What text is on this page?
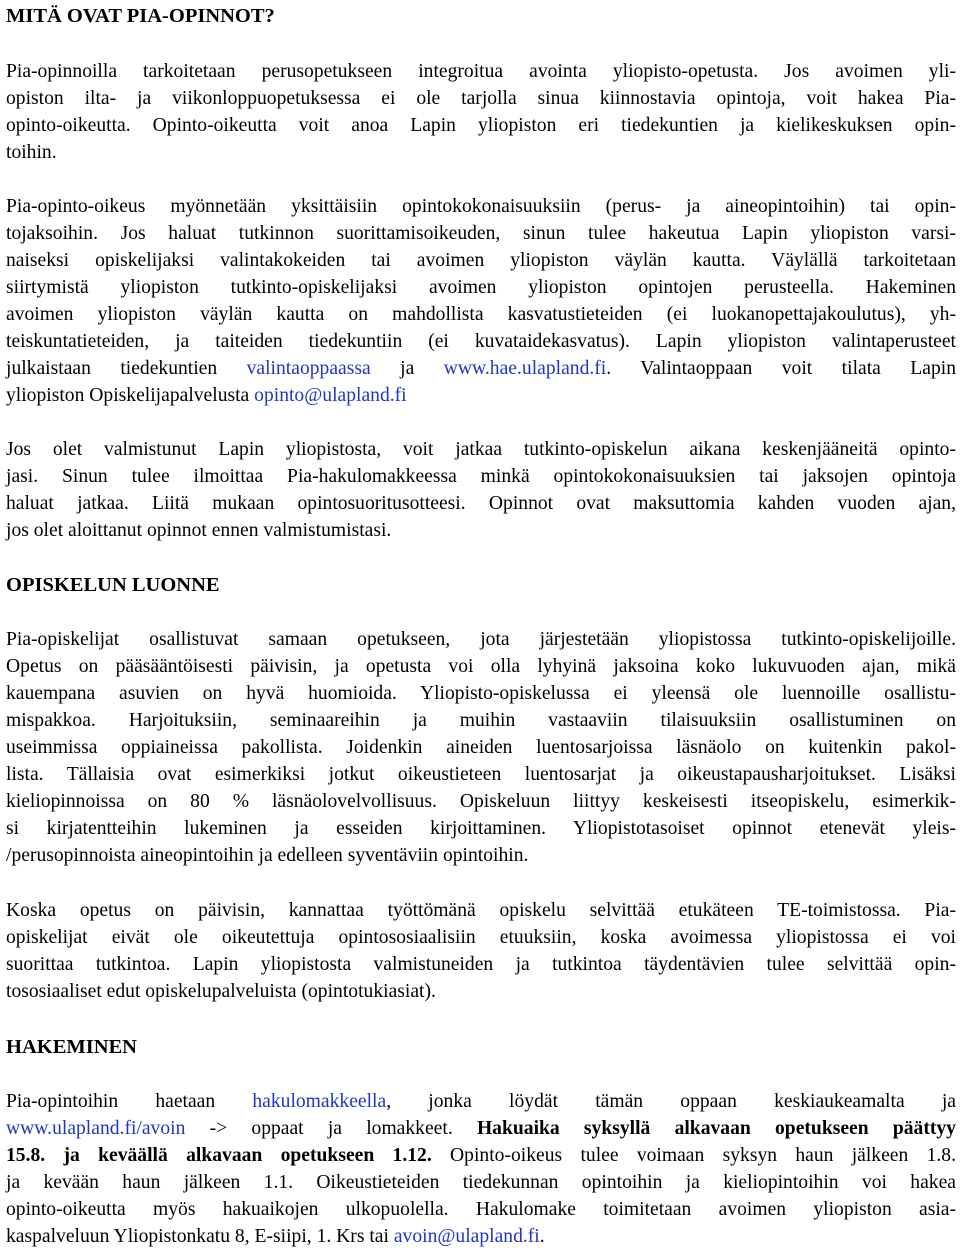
MITÄ OVAT PIA-OPINNOT?
Pia-opinnoilla tarkoitetaan perusopetukseen integroitua avointa yliopisto-opetusta. Jos avoimen yli-
opiston ilta- ja viikonloppuopetuksessa ei ole tarjolla sinua kiinnostavia opintoja, voit hakea Pia-
opinto-oikeutta. Opinto-oikeutta voit anoa Lapin yliopiston eri tiedekuntien ja kielikeskuksen opin-
toihin.
Pia-opinto-oikeus myönnetään yksittäisiin opintokokonaisuuksiin (perus- ja aineopintoihin) tai opin-
tojaksoihin. Jos haluat tutkinnon suorittamisoikeuden, sinun tulee hakeutua Lapin yliopiston varsi-
naiseksi opiskelijaksi valintakokeiden tai avoimen yliopiston väylän kautta. Väylällä tarkoitetaan
siirtymistä yliopiston tutkinto-opiskelijaksi avoimen yliopiston opintojen perusteella. Hakeminen
avoimen yliopiston väylän kautta on mahdollista kasvatustieteiden (ei luokanopettajakoulutus), yh-
teiskuntatieteiden, ja taiteiden tiedekuntiin (ei kuvataidekasvatus). Lapin yliopiston valintaperusteet
julkaistaan tiedekuntien valintaoppaassa ja www.hae.ulapland.fi. Valintaoppaan voit tilata Lapin
yliopiston Opiskelijapalvelusta opinto@ulapland.fi
Jos olet valmistunut Lapin yliopistosta, voit jatkaa tutkinto-opiskelun aikana keskenjääneitä opinto-
jasi. Sinun tulee ilmoittaa Pia-hakulomakkeessa minkä opintokokonaisuuksien tai jaksojen opintoja
haluat jatkaa. Liitä mukaan opintosuoritusotteesi. Opinnot ovat maksuttomia kahden vuoden ajan,
jos olet aloittanut opinnot ennen valmistumistasi.
OPISKELUN LUONNE
Pia-opiskelijat osallistuvat samaan opetukseen, jota järjestetään yliopistossa tutkinto-opiskelijoille.
Opetus on pääsääntöisesti päivisin, ja opetusta voi olla lyhyinä jaksoina koko lukuvuoden ajan, mikä
kauempana asuvien on hyvä huomioida. Yliopisto-opiskelussa ei yleensä ole luennoille osallistu-
mispakkoa. Harjoituksiin, seminaareihin ja muihin vastaaviin tilaisuuksiin osallistuminen on
useimmissa oppiaineissa pakollista. Joidenkin aineiden luentosarjoissa läsnäolo on kuitenkin pakol-
lista. Tällaisia ovat esimerkiksi jotkut oikeustieteen luentosarjat ja oikeustapausharjoitukset. Lisäksi
kieliopinnoissa on 80 % läsnäolovelvollisuus. Opiskeluun liittyy keskeisesti itseopiskelu, esimerkik-
si kirjatentteihin lukeminen ja esseiden kirjoittaminen. Yliopistotasoiset opinnot etenevät yleis-
/perusopinnoista aineopintoihin ja edelleen syventäviin opintoihin.
Koska opetus on päivisin, kannattaa työttömänä opiskelu selvittää etukäteen TE-toimistossa. Pia-
opiskelijat eivät ole oikeutettuja opintososiaalisiin etuuksiin, koska avoimessa yliopistossa ei voi
suorittaa tutkintoa. Lapin yliopistosta valmistuneiden ja tutkintoa täydentävien tulee selvittää opin-
tososiaaliset edut opiskelupalveluista (opintotukiasiat).
HAKEMINEN
Pia-opintoihin haetaan hakulomakkeella, jonka löydät tämän oppaan keskiaukeamalta ja
www.ulapland.fi/avoin -> oppaat ja lomakkeet. Hakuaika syksyllä alkavaan opetukseen päättyy
15.8. ja keväällä alkavaan opetukseen 1.12. Opinto-oikeus tulee voimaan syksyn haun jälkeen 1.8.
ja kevään haun jälkeen 1.1. Oikeustieteiden tiedekunnan opintoihin ja kieliopintoihin voi hakea
opinto-oikeutta myös hakuaikojen ulkopuolella. Hakulomake toimitetaan avoimen yliopiston asia-
kaspalveluun Yliopistonkatu 8, E-siipi, 1. Krs tai avoin@ulapland.fi.
